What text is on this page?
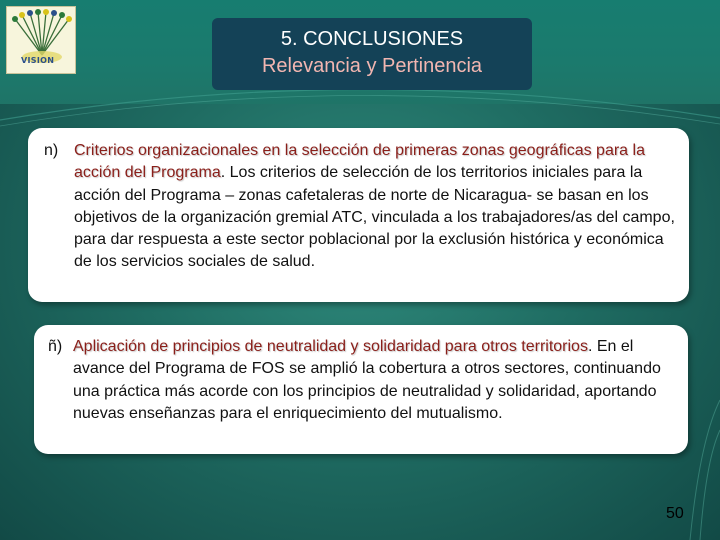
VISION
5. CONCLUSIONES
Relevancia y Pertinencia
n) Criterios organizacionales en la selección de primeras zonas geográficas para la acción del Programa. Los criterios de selección de los territorios iniciales para la acción del Programa – zonas cafetaleras de norte de Nicaragua- se basan en los objetivos de la organización gremial ATC, vinculada a los trabajadores/as del campo, para dar respuesta a este sector poblacional por la exclusión histórica y económica de los servicios sociales de salud.
ñ) Aplicación de principios de neutralidad y solidaridad para otros territorios. En el avance del Programa de FOS se amplió la cobertura a otros sectores, continuando una práctica más acorde con los principios de neutralidad y solidaridad, aportando nuevas enseñanzas para el enriquecimiento del mutualismo.
50
